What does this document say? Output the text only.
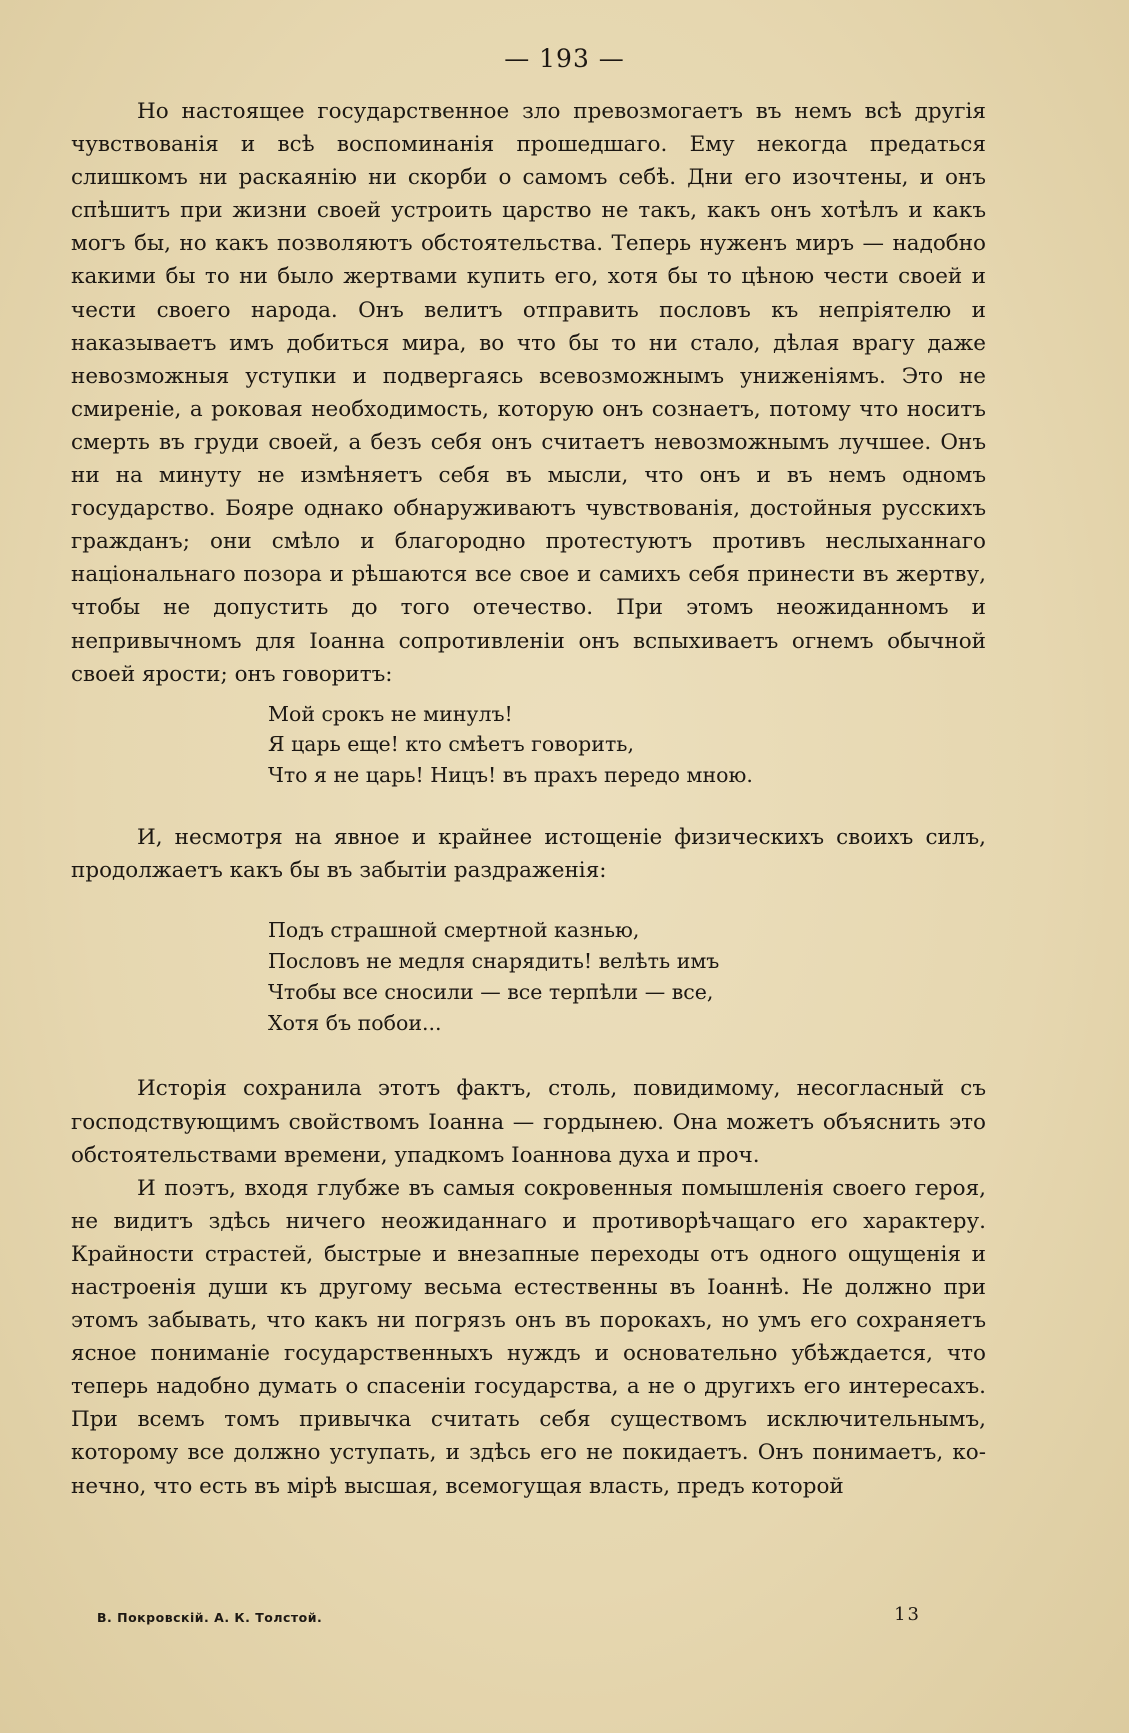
— 193 —

Но настоящее государственное зло превозмогаетъ въ немъ всѣ другія чувствованія и всѣ воспоминанія прошедшаго. Ему некогда предаться слишкомъ ни раскаянію ни скорби о самомъ себѣ. Дни его изочтены, и онъ спѣшитъ при жизни своей устроить царство не такъ, какъ онъ хотѣлъ и какъ могъ бы, но какъ позволяютъ обстоятельства. Теперь нуженъ миръ — надобно какими бы то ни было жертвами купить его, хотя бы то цѣною чести своей и чести своего народа. Онъ велитъ отправить пословъ къ непріятелю и наказываетъ имъ добиться мира, во что бы то ни стало, дѣлая врагу даже невозможныя уступки и подвергаясь всевозможнымъ униженіямъ. Это не смиреніе, а роковая необходимость, которую онъ сознаетъ, потому что носитъ смерть въ груди своей, а безъ себя онъ считаетъ невозможнымъ лучшее. Онъ ни на минуту не измѣняетъ себя въ мысли, что онъ и въ немъ одномъ государство. Бояре однако обнаруживаютъ чувствованія, достойныя русскихъ гражданъ; они смѣло и благородно протестуютъ противъ неслыханнаго національнаго позора и рѣшаются все свое и самихъ себя принести въ жертву, чтобы не допустить до того отечество. При этомъ неожиданномъ и непривычномъ для Іоанна сопротивленіи онъ вспыхиваетъ огнемъ обычной своей ярости; онъ говоритъ:

Мой срокъ не минулъ!
Я царь еще! кто смѣетъ говорить,
Что я не царь! Ницъ! въ прахъ передо мною.

И, несмотря на явное и крайнее истощеніе физическихъ своихъ силъ, продолжаетъ какъ бы въ забытіи раздраженія:

Подъ страшной смертной казнью,
Пословъ не медля снарядить! велѣть имъ
Чтобы все сносили — все терпѣли — все,
Хотя бъ побои...

Исторія сохранила этотъ фактъ, столь, повидимому, несогласный съ господствующимъ свойствомъ Іоанна — гордынею. Она можетъ объяснить это обстоятельствами времени, упадкомъ Іоаннова духа и проч.

И поэтъ, входя глубже въ самыя сокровенныя помышленія своего героя, не видитъ здѣсь ничего неожиданнаго и противорѣчащаго его характеру. Крайности страстей, быстрые и внезапные переходы отъ одного ощущенія и настроенія души къ другому весьма естественны въ Іоаннѣ. Не должно при этомъ забывать, что какъ ни погрязъ онъ въ порокахъ, но умъ его сохраняетъ ясное пониманіе государственныхъ нуждъ и основательно убѣждается, что теперь надобно думать о спасеніи государства, а не о другихъ его интересахъ. При всемъ томъ привычка считать себя существомъ исключительнымъ, которому все должно уступать, и здѣсь его не покидаетъ. Онъ понимаетъ, конечно, что есть въ мірѣ высшая, всемогущая власть, предъ которой

В. Покровскій. А. К. Толстой.	13
